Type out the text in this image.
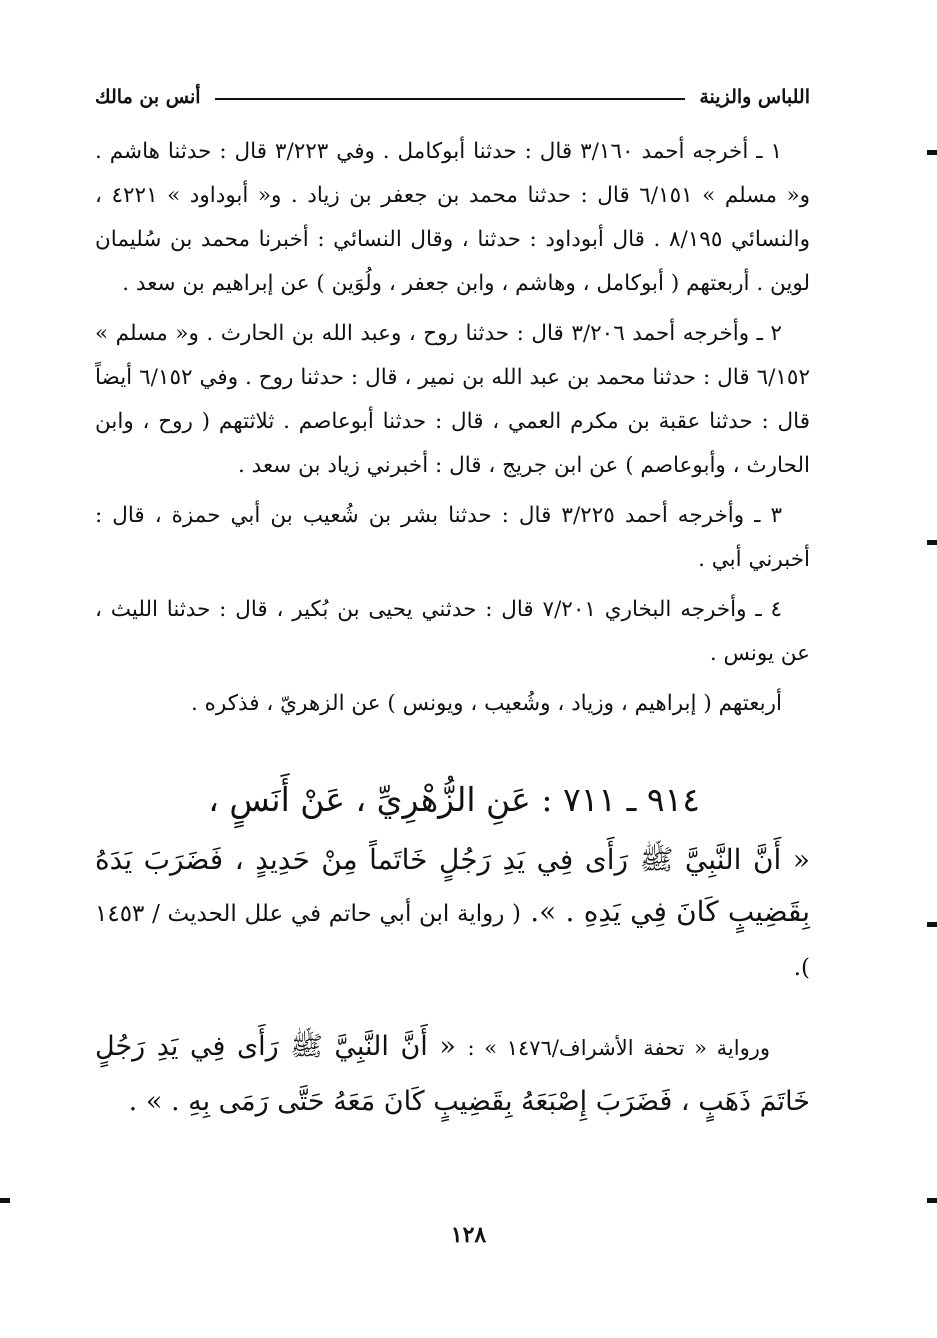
اللباس والزينة
أنس بن مالك

١ ـ أخرجه أحمد ٣/١٦٠ قال : حدثنا أبوكامل . وفي ٣/٢٢٣ قال : حدثنا هاشم . و« مسلم » ٦/١٥١ قال : حدثنا محمد بن جعفر بن زياد . و« أبوداود » ٤٢٢١ ، والنسائي ٨/١٩٥ . قال أبوداود : حدثنا ، وقال النسائي : أخبرنا محمد بن سُليمان لوين . أربعتهم ( أبوكامل ، وهاشم ، وابن جعفر ، ولُوَين ) عن إبراهيم بن سعد .

٢ ـ وأخرجه أحمد ٣/٢٠٦ قال : حدثنا روح ، وعبد الله بن الحارث . و« مسلم » ٦/١٥٢ قال : حدثنا محمد بن عبد الله بن نمير ، قال : حدثنا روح . وفي ٦/١٥٢ أيضاً قال : حدثنا عقبة بن مكرم العمي ، قال : حدثنا أبوعاصم . ثلاثتهم ( روح ، وابن الحارث ، وأبوعاصم ) عن ابن جريج ، قال : أخبرني زياد بن سعد .

٣ ـ وأخرجه أحمد ٣/٢٢٥ قال : حدثنا بشر بن شُعيب بن أبي حمزة ، قال : أخبرني أبي .

٤ ـ وأخرجه البخاري ٧/٢٠١ قال : حدثني يحيى بن بُكير ، قال : حدثنا الليث ، عن يونس .

أربعتهم ( إبراهيم ، وزياد ، وشُعيب ، ويونس ) عن الزهريّ ، فذكره .

٩١٤ ـ ٧١١ : عَنِ الزُّهْرِيِّ ، عَنْ أَنَسٍ ،

« أَنَّ النَّبِيَّ ﷺ رَأَى فِي يَدِ رَجُلٍ خَاتَماً مِنْ حَدِيدٍ ، فَضَرَبَ يَدَهُ بِقَضِيبٍ كَانَ فِي يَدِهِ . ». ( رواية ابن أبي حاتم في علل الحديث / ١٤٥٣ ).

ورواية « تحفة الأشراف/١٤٧٦ » : « أَنَّ النَّبِيَّ ﷺ رَأَى فِي يَدِ رَجُلٍ خَاتَمَ ذَهَبٍ ، فَضَرَبَ إِصْبَعَهُ بِقَضِيبٍ كَانَ مَعَهُ حَتَّى رَمَى بِهِ . » .

١٢٨
